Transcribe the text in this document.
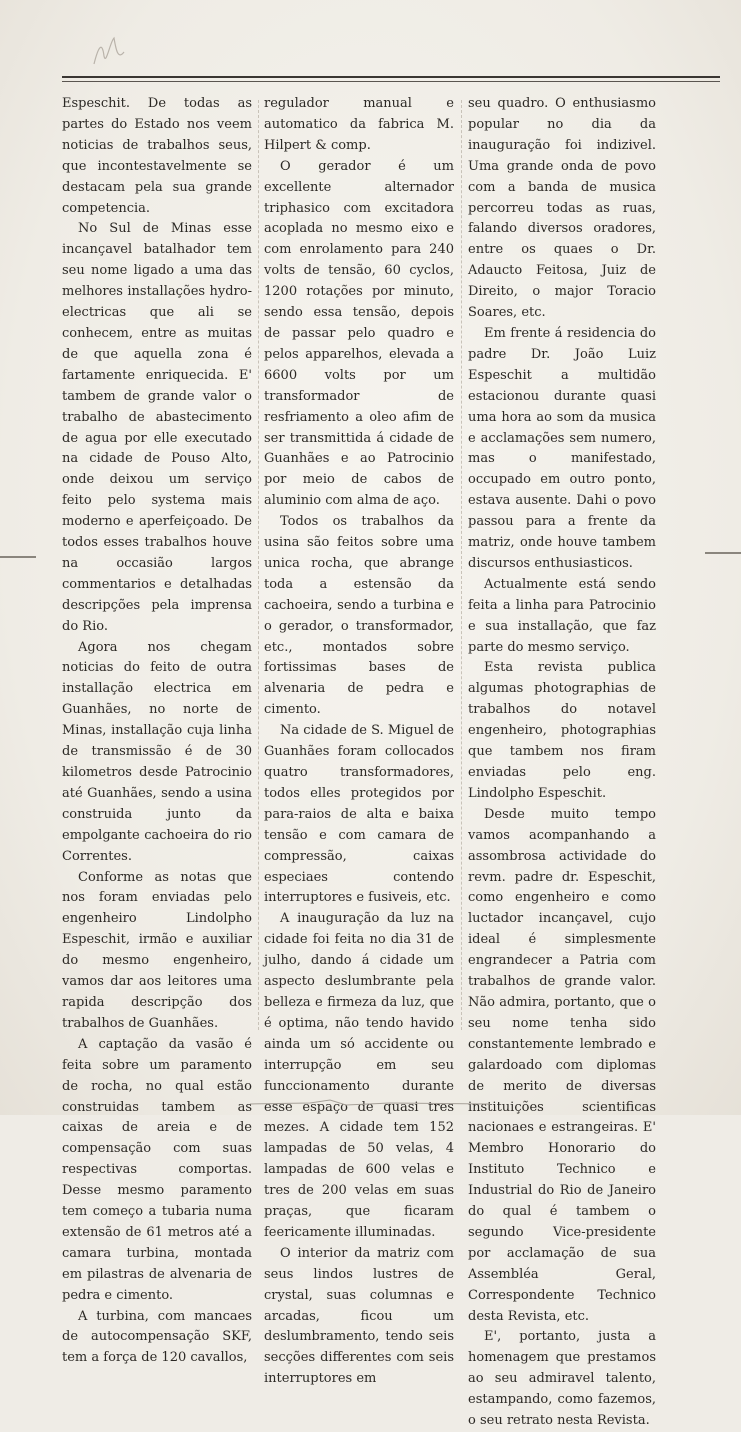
Espeschit. De todas as partes do Estado nos veem noticias de trabalhos seus, que incontestavelmente se destacam pela sua grande competencia.

No Sul de Minas esse incançavel batalhador tem seu nome ligado a uma das melhores installações hydro-electricas que ali se conhecem, entre as muitas de que aquella zona é fartamente enriquecida. E' tambem de grande valor o trabalho de abastecimento de agua por elle executado na cidade de Pouso Alto, onde deixou um serviço feito pelo systema mais moderno e aperfeiçoado. De todos esses trabalhos houve na occasião largos commentarios e detalhadas descripções pela imprensa do Rio.

Agora nos chegam noticias do feito de outra installação electrica em Guanhães, no norte de Minas, installação cuja linha de transmissão é de 30 kilometros desde Patrocinio até Guanhães, sendo a usina construida junto da empolgante cachoeira do rio Correntes.

Conforme as notas que nos foram enviadas pelo engenheiro Lindolpho Espeschit, irmão e auxiliar do mesmo engenheiro, vamos dar aos leitores uma rapida descripção dos trabalhos de Guanhães.

A captação da vasão é feita sobre um paramento de rocha, no qual estão construidas tambem as caixas de areia e de compensação com suas respectivas comportas. Desse mesmo paramento tem começo a tubaria numa extensão de 61 metros até a camara turbina, montada em pilastras de alvenaria de pedra e cimento.

A turbina, com mancaes de autocompensação SKF, tem a força de 120 cavallos,

regulador manual e automatico da fabrica M. Hilpert & comp.

O gerador é um excellente alternador triphasico com excitadora acoplada no mesmo eixo e com enrolamento para 240 volts de tensão, 60 cyclos, 1200 rotações por minuto, sendo essa tensão, depois de passar pelo quadro e pelos apparelhos, elevada a 6600 volts por um transformador de resfriamento a oleo afim de ser transmittida á cidade de Guanhães e ao Patrocinio por meio de cabos de aluminio com alma de aço.

Todos os trabalhos da usina são feitos sobre uma unica rocha, que abrange toda a estensão da cachoeira, sendo a turbina e o gerador, o transformador, etc., montados sobre fortissimas bases de alvenaria de pedra e cimento.

Na cidade de S. Miguel de Guanhães foram collocados quatro transformadores, todos elles protegidos por para-raios de alta e baixa tensão e com camara de compressão, caixas especiaes contendo interruptores e fusiveis, etc.

A inauguração da luz na cidade foi feita no dia 31 de julho, dando á cidade um aspecto deslumbrante pela belleza e firmeza da luz, que é optima, não tendo havido ainda um só accidente ou interrupção em seu funccionamento durante esse espaço de quasi tres mezes. A cidade tem 152 lampadas de 50 velas, 4 lampadas de 600 velas e tres de 200 velas em suas praças, que ficaram feericamente illuminadas.

O interior da matriz com seus lindos lustres de crystal, suas columnas e arcadas, ficou um deslumbramento, tendo seis secções differentes com seis interruptores em

seu quadro. O enthusiasmo popular no dia da inauguração foi indizivel. Uma grande onda de povo com a banda de musica percorreu todas as ruas, falando diversos oradores, entre os quaes o Dr. Adaucto Feitosa, Juiz de Direito, o major Toracio Soares, etc.

Em frente á residencia do padre Dr. João Luiz Espeschit a multidão estacionou durante quasi uma hora ao som da musica e acclamações sem numero, mas o manifestado, occupado em outro ponto, estava ausente. Dahi o povo passou para a frente da matriz, onde houve tambem discursos enthusiasticos.

Actualmente está sendo feita a linha para Patrocinio e sua installação, que faz parte do mesmo serviço.

Esta revista publica algumas photographias de trabalhos do notavel engenheiro, photographias que tambem nos firam enviadas pelo eng. Lindolpho Espeschit.

Desde muito tempo vamos acompanhando a assombrosa actividade do revm. padre dr. Espeschit, como engenheiro e como luctador incançavel, cujo ideal é simplesmente engrandecer a Patria com trabalhos de grande valor. Não admira, portanto, que o seu nome tenha sido constantemente lembrado e galardoado com diplomas de merito de diversas instituições scientificas nacionaes e estrangeiras. E' Membro Honorario do Instituto Technico e Industrial do Rio de Janeiro do qual é tambem o segundo Vice-presidente por acclamação de sua Assembléa Geral, Correspondente Technico desta Revista, etc.

E', portanto, justa a homenagem que prestamos ao seu admiravel talento, estampando, como fazemos, o seu retrato nesta Revista.
